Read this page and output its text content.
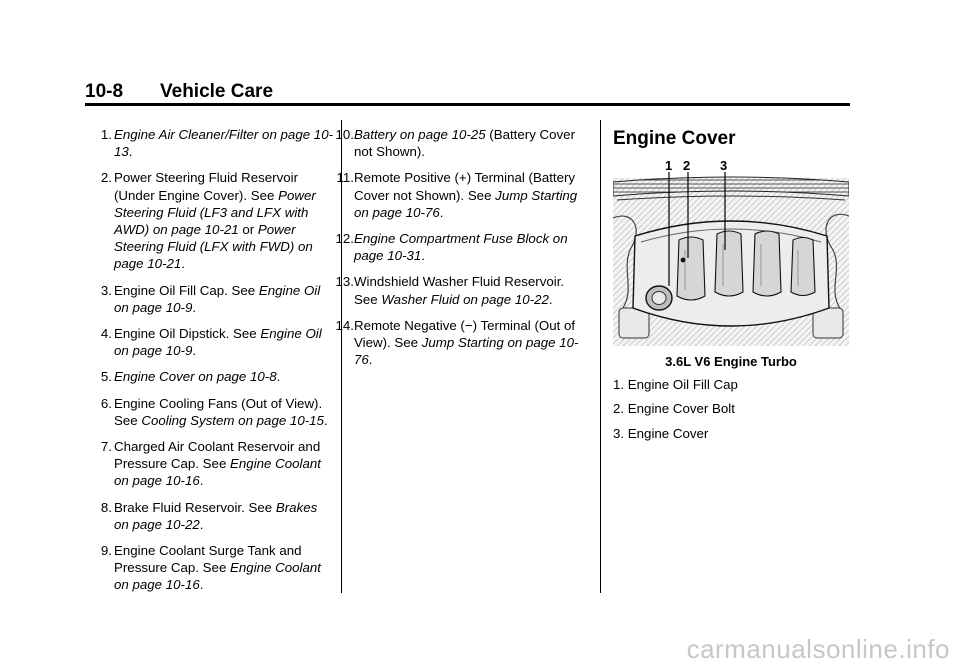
10-8 Vehicle Care
1. Engine Air Cleaner/Filter on page 10-13.
2. Power Steering Fluid Reservoir (Under Engine Cover). See Power Steering Fluid (LF3 and LFX with AWD) on page 10-21 or Power Steering Fluid (LFX with FWD) on page 10-21.
3. Engine Oil Fill Cap. See Engine Oil on page 10-9.
4. Engine Oil Dipstick. See Engine Oil on page 10-9.
5. Engine Cover on page 10-8.
6. Engine Cooling Fans (Out of View). See Cooling System on page 10-15.
7. Charged Air Coolant Reservoir and Pressure Cap. See Engine Coolant on page 10-16.
8. Brake Fluid Reservoir. See Brakes on page 10-22.
9. Engine Coolant Surge Tank and Pressure Cap. See Engine Coolant on page 10-16.
10. Battery on page 10-25 (Battery Cover not Shown).
11. Remote Positive (+) Terminal (Battery Cover not Shown). See Jump Starting on page 10-76.
12. Engine Compartment Fuse Block on page 10-31.
13. Windshield Washer Fluid Reservoir. See Washer Fluid on page 10-22.
14. Remote Negative (−) Terminal (Out of View). See Jump Starting on page 10-76.
Engine Cover
1 2 3
3.6L V6 Engine Turbo
1. Engine Oil Fill Cap
2. Engine Cover Bolt
3. Engine Cover
carmanualsonline.info
